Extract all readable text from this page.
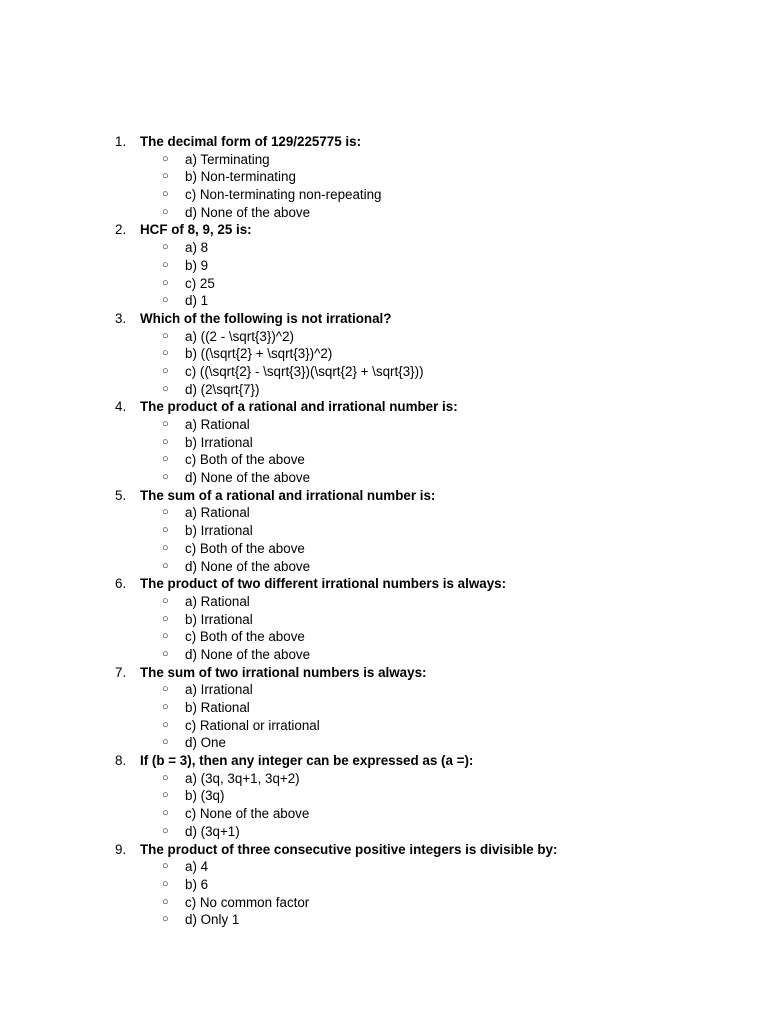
1. The decimal form of 129/225775 is:
○ a) Terminating
○ b) Non-terminating
○ c) Non-terminating non-repeating
○ d) None of the above
2. HCF of 8, 9, 25 is:
○ a) 8
○ b) 9
○ c) 25
○ d) 1
3. Which of the following is not irrational?
○ a) ((2 - \sqrt{3})^2)
○ b) ((\sqrt{2} + \sqrt{3})^2)
○ c) ((\sqrt{2} - \sqrt{3})(\sqrt{2} + \sqrt{3}))
○ d) (2\sqrt{7})
4. The product of a rational and irrational number is:
○ a) Rational
○ b) Irrational
○ c) Both of the above
○ d) None of the above
5. The sum of a rational and irrational number is:
○ a) Rational
○ b) Irrational
○ c) Both of the above
○ d) None of the above
6. The product of two different irrational numbers is always:
○ a) Rational
○ b) Irrational
○ c) Both of the above
○ d) None of the above
7. The sum of two irrational numbers is always:
○ a) Irrational
○ b) Rational
○ c) Rational or irrational
○ d) One
8. If (b = 3), then any integer can be expressed as (a =):
○ a) (3q, 3q+1, 3q+2)
○ b) (3q)
○ c) None of the above
○ d) (3q+1)
9. The product of three consecutive positive integers is divisible by:
○ a) 4
○ b) 6
○ c) No common factor
○ d) Only 1
